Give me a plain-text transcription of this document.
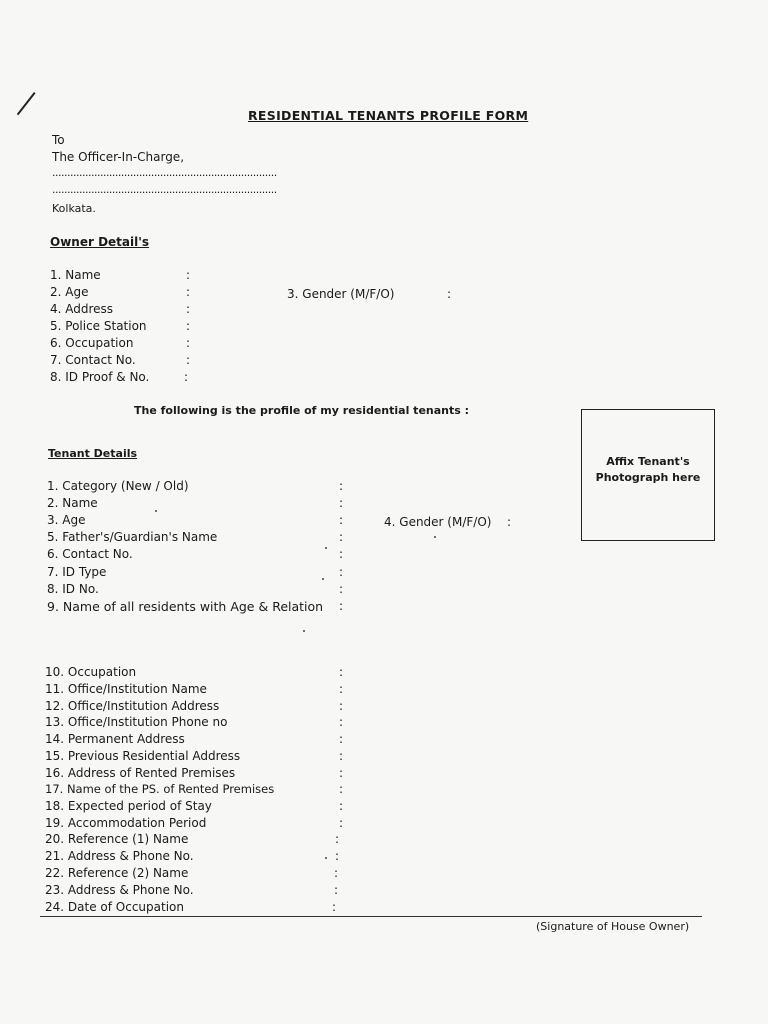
RESIDENTIAL TENANTS PROFILE FORM
To
The Officer-In-Charge,
...........................................................................
...........................................................................
Kolkata.
Owner Detail's
1. Name	:
2. Age	:
4. Address	:
5. Police Station	:
6. Occupation	:
7. Contact No.	:
8. ID Proof & No.	:
3. Gender (M/F/O)	:
The following is the profile of my residential tenants :
Affix Tenant's Photograph here
Tenant Details
1. Category (New / Old)	:
2. Name	:
3. Age	:
5. Father's/Guardian's Name	:
6. Contact No.	:
7. ID Type	:
8. ID No.	:
9. Name of all residents with Age & Relation :
4. Gender (M/F/O) :
10. Occupation	:
11. Office/Institution Name	:
12. Office/Institution Address	:
13. Office/Institution Phone no	:
14. Permanent Address	:
15. Previous Residential Address	:
16. Address of Rented Premises	:
17. Name of the PS. of Rented Premises	:
18. Expected period of Stay	:
19. Accommodation Period	:
20. Reference (1) Name	:
21. Address & Phone No.	:
22. Reference (2) Name	:
23. Address & Phone No.	:
24. Date of Occupation	:
(Signature of House Owner)
